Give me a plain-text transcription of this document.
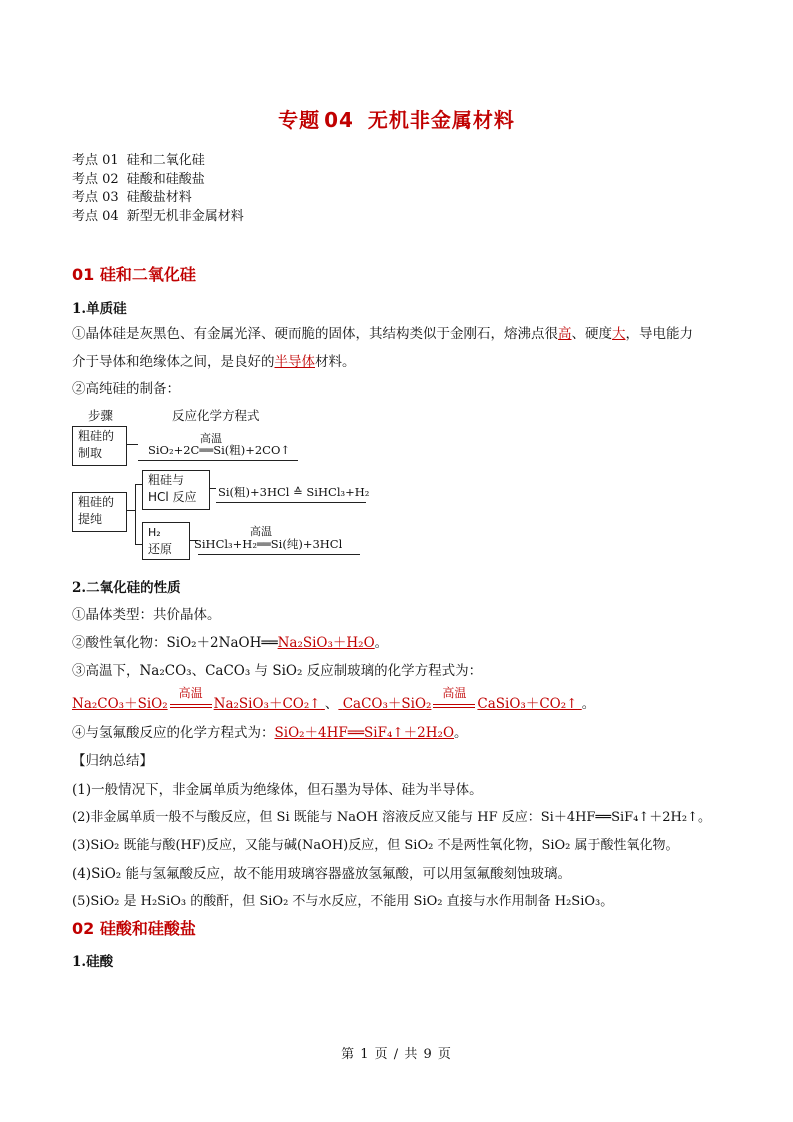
专题 04 无机非金属材料
考点 01 硅和二氧化硅
考点 02 硅酸和硅酸盐
考点 03 硅酸盐材料
考点 04 新型无机非金属材料
01 硅和二氧化硅
1.单质硅
①晶体硅是灰黑色、有金属光泽、硬而脆的固体，其结构类似于金刚石，熔沸点很高、硬度大，导电能力
介于导体和绝缘体之间，是良好的半导体材料。
②高纯硅的制备：
步骤	反应化学方程式
粗硅的
制取	SiO₂+2C══Si(粗)+2CO↑
高温
粗硅的
提纯
粗硅与
HCl 反应	Si(粗)+3HCl ≙ SiHCl₃+H₂
H₂
还原	SiHCl₃+H₂══Si(纯)+3HCl
高温
2.二氧化硅的性质
①晶体类型：共价晶体。
②酸性氧化物：SiO₂＋2NaOH══Na₂SiO₃＋H₂O。
③高温下，Na₂CO₃、CaCO₃ 与 SiO₂ 反应制玻璃的化学方程式为：
Na₂CO₃＋SiO₂
高温
Na₂SiO₃＋CO₂↑ 、 CaCO₃＋SiO₂
高温
CaSiO₃＋CO₂↑ 。
④与氢氟酸反应的化学方程式为：SiO₂＋4HF══SiF₄↑＋2H₂O。
【归纳总结】
(1)一般情况下，非金属单质为绝缘体，但石墨为导体、硅为半导体。
(2)非金属单质一般不与酸反应，但 Si 既能与 NaOH 溶液反应又能与 HF 反应：Si＋4HF══SiF₄↑＋2H₂↑。
(3)SiO₂ 既能与酸(HF)反应，又能与碱(NaOH)反应，但 SiO₂ 不是两性氧化物，SiO₂ 属于酸性氧化物。
(4)SiO₂ 能与氢氟酸反应，故不能用玻璃容器盛放氢氟酸，可以用氢氟酸刻蚀玻璃。
(5)SiO₂ 是 H₂SiO₃ 的酸酐，但 SiO₂ 不与水反应，不能用 SiO₂ 直接与水作用制备 H₂SiO₃。
02 硅酸和硅酸盐
1.硅酸
第 1 页 / 共 9 页
